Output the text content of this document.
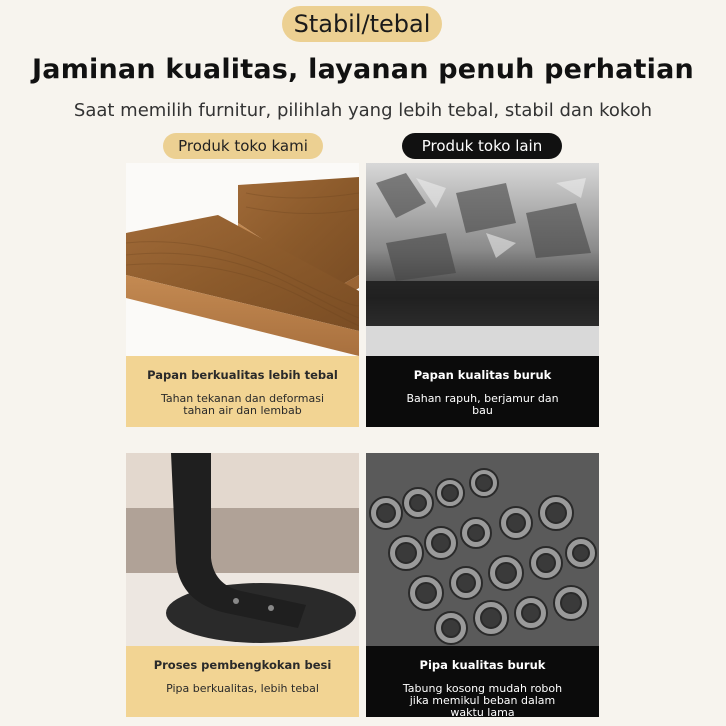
Stabil/tebal
Jaminan kualitas, layanan penuh perhatian
Saat memilih furnitur, pilihlah yang lebih tebal, stabil dan kokoh
Produk toko kami	Produk toko lain
Papan berkualitas lebih tebal
Tahan tekanan dan deformasi tahan air dan lembab
Papan kualitas buruk
Bahan rapuh, berjamur dan bau
Proses pembengkokan besi
Pipa berkualitas, lebih tebal
Pipa kualitas buruk
Tabung kosong mudah roboh jika memikul beban dalam waktu lama
